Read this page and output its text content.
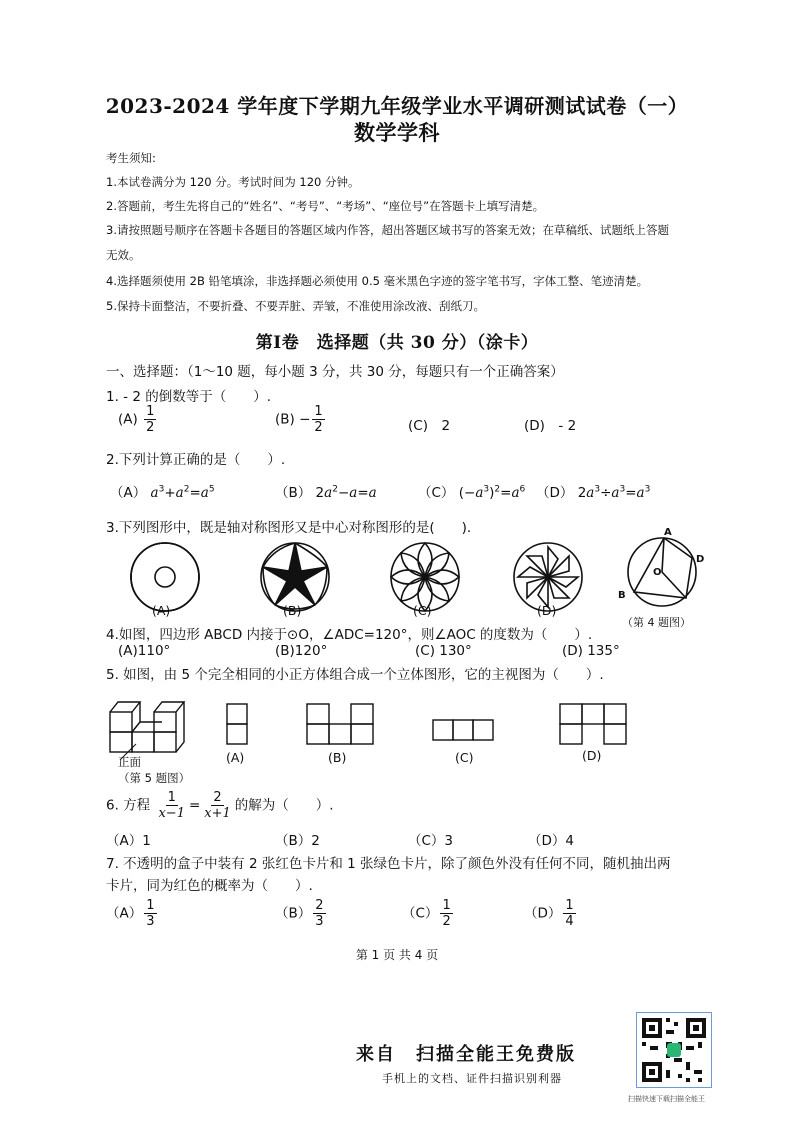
2023-2024 学年度下学期九年级学业水平调研测试试卷（一）
数学学科
考生须知:
1.本试卷满分为 120 分。考试时间为 120 分钟。
2.答题前，考生先将自己的“姓名”、“考号”、“考场”、“座位号”在答题卡上填写清楚。
3.请按照题号顺序在答题卡各题目的答题区域内作答，超出答题区域书写的答案无效；在草稿纸、试题纸上答题
无效。
4.选择题须使用 2B 铅笔填涂，非选择题必须使用 0.5 毫米黑色字迹的签字笔书写，字体工整、笔迹清楚。
5.保持卡面整洁，不要折叠、不要弄脏、弄皱，不准使用涂改液、刮纸刀。
第Ⅰ卷　选择题（共 30 分）（涂卡）
一、选择题：（1～10 题，每小题 3 分，共 30 分，每题只有一个正确答案）
1. - 2 的倒数等于（　　）.
$(A) \frac{1}{2}$	$(B) - \frac{1}{2}$	(C)　2	(D)　- 2
2.下列计算正确的是（　　）.
（A） $a^3+a^2=a^5$	（B） $2a^2-a=a$	（C） $(-a^3)^2=a^6$ （D） $2a^3\div a^3=a^3$
3.下列图形中，既是轴对称图形又是中心对称图形的是(　　).	A
B
O
D
(A)	(B)	(C)	(D)
（第 4 题图）
4.如图，四边形 ABCD 内接于⊙O，∠ADC=120°，则∠AOC 的度数为（　　）.
(A)110°	(B)120°	(C) 130°	(D) 135°
5. 如图，由 5 个完全相同的小正方体组合成一个立体图形，它的主视图为（　　）.
正面
（第 5 题图）
(A)	(B)	(C)	(D)
6. 方程 $\frac{1}{x-1} = \frac{2}{x+1}$ 的解为（　　）.
（A）1	（B）2	（C）3	（D）4
7. 不透明的盒子中装有 2 张红色卡片和 1 张绿色卡片，除了颜色外没有任何不同，随机抽出两
卡片，同为红色的概率为（　　）.
$(A) \frac{1}{3}$	$(B) \frac{2}{3}$	$(C) \frac{1}{2}$	$(D) \frac{1}{4}$
第 1 页 共 4 页
来自　扫描全能王免费版
手机上的文档、证件扫描识别利器
扫描快速下载扫描全能王
